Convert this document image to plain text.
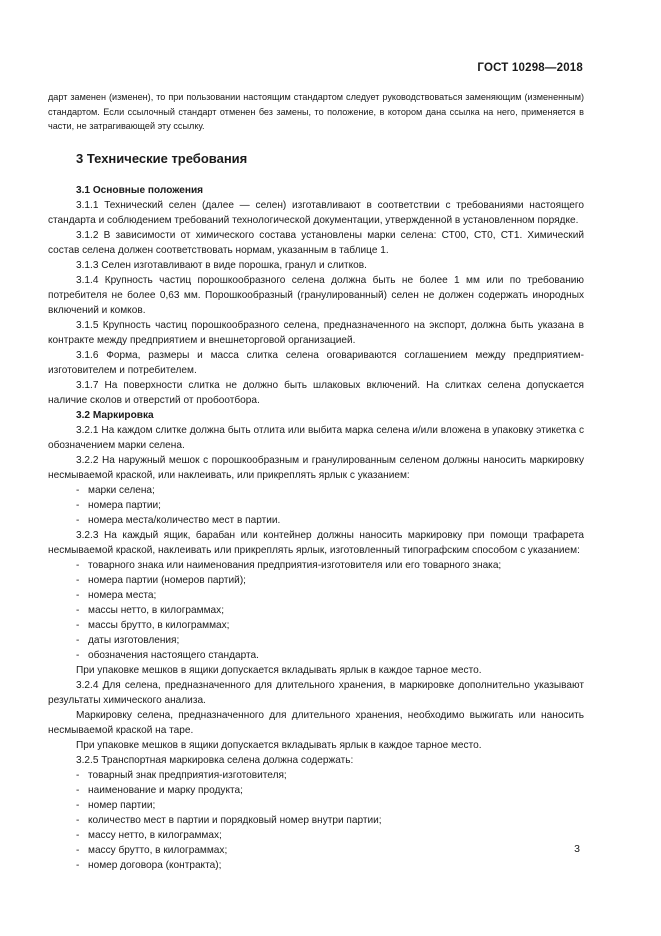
ГОСТ 10298—2018
дарт заменен (изменен), то при пользовании настоящим стандартом следует руководствоваться заменяющим (измененным) стандартом. Если ссылочный стандарт отменен без замены, то положение, в котором дана ссылка на него, применяется в части, не затрагивающей эту ссылку.
3 Технические требования

3.1 Основные положения

3.1.1 Технический селен (далее — селен) изготавливают в соответствии с требованиями настоящего стандарта и соблюдением требований технологической документации, утвержденной в установленном порядке.

3.1.2 В зависимости от химического состава установлены марки селена: СТ00, СТ0, СТ1. Химический состав селена должен соответствовать нормам, указанным в таблице 1.

3.1.3 Селен изготавливают в виде порошка, гранул и слитков.

3.1.4 Крупность частиц порошкообразного селена должна быть не более 1 мм или по требованию потребителя не более 0,63 мм. Порошкообразный (гранулированный) селен не должен содержать инородных включений и комков.

3.1.5 Крупность частиц порошкообразного селена, предназначенного на экспорт, должна быть указана в контракте между предприятием и внешнеторговой организацией.

3.1.6 Форма, размеры и масса слитка селена оговариваются соглашением между предприятием-изготовителем и потребителем.

3.1.7 На поверхности слитка не должно быть шлаковых включений. На слитках селена допускается наличие сколов и отверстий от пробоотбора.

3.2 Маркировка

3.2.1 На каждом слитке должна быть отлита или выбита марка селена и/или вложена в упаковку этикетка с обозначением марки селена.

3.2.2 На наружный мешок с порошкообразным и гранулированным селеном должны наносить маркировку несмываемой краской, или наклеивать, или прикреплять ярлык с указанием:

- марки селена;

- номера партии;

- номера места/количество мест в партии.

3.2.3 На каждый ящик, барабан или контейнер должны наносить маркировку при помощи трафарета несмываемой краской, наклеивать или прикреплять ярлык, изготовленный типографским способом с указанием:

- товарного знака или наименования предприятия-изготовителя или его товарного знака;

- номера партии (номеров партий);

- номера места;

- массы нетто, в килограммах;

- массы брутто, в килограммах;

- даты изготовления;

- обозначения настоящего стандарта.

При упаковке мешков в ящики допускается вкладывать ярлык в каждое тарное место.

3.2.4 Для селена, предназначенного для длительного хранения, в маркировке дополнительно указывают результаты химического анализа.

Маркировку селена, предназначенного для длительного хранения, необходимо выжигать или наносить несмываемой краской на таре.

При упаковке мешков в ящики допускается вкладывать ярлык в каждое тарное место.

3.2.5 Транспортная маркировка селена должна содержать:

- товарный знак предприятия-изготовителя;

- наименование и марку продукта;

- номер партии;

- количество мест в партии и порядковый номер внутри партии;

- массу нетто, в килограммах;

- массу брутто, в килограммах;

- номер договора (контракта);

3
